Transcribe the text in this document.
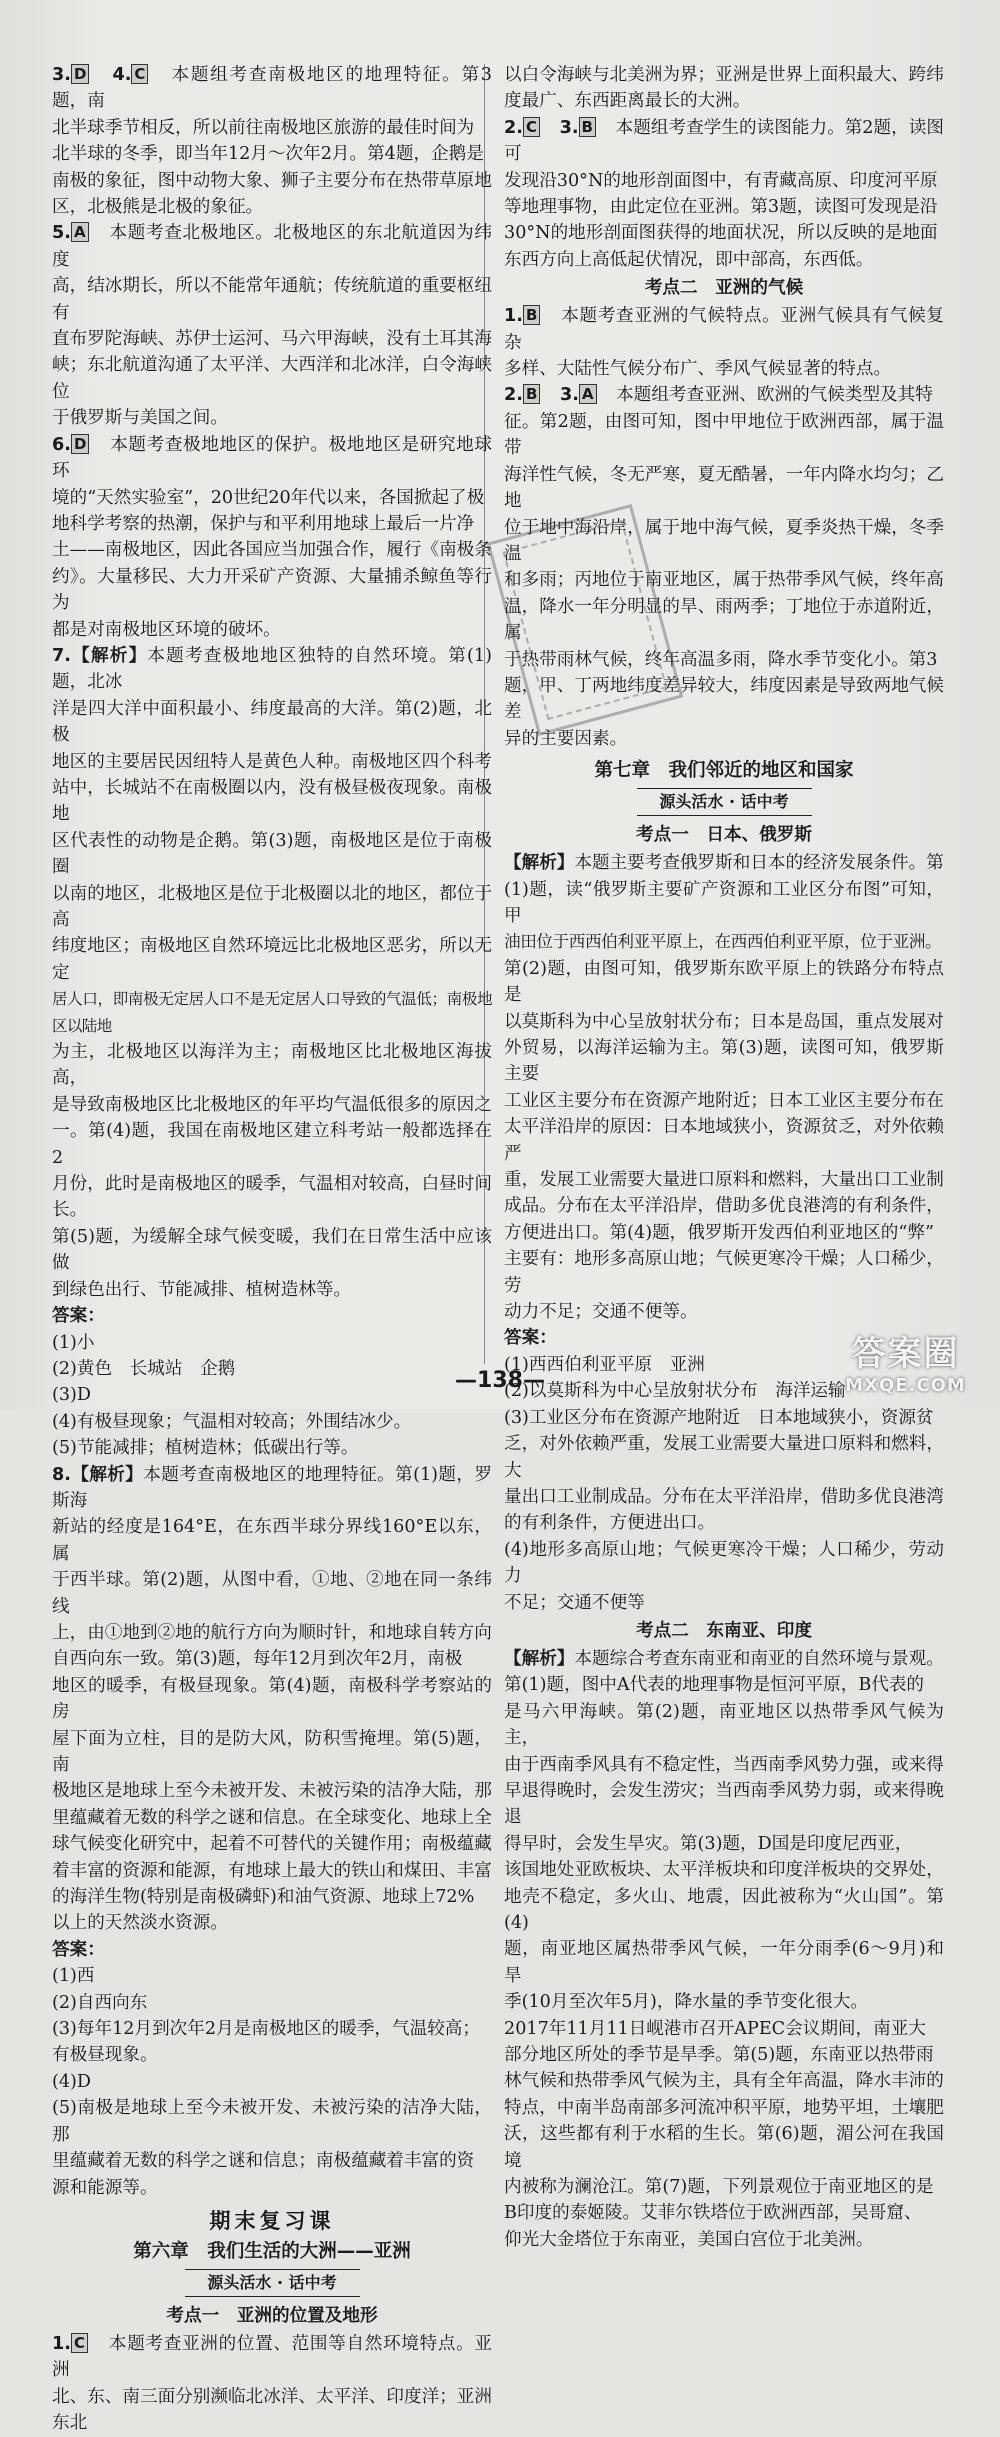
3. D　 4. C　 本题组考查南极地区的地理特征。第3题，南
北半球季节相反，所以前往南极地区旅游的最佳时间为
北半球的冬季，即当年12月～次年2月。第4题，企鹅是
南极的象征，图中动物大象、狮子主要分布在热带草原地
区，北极熊是北极的象征。
5. A　 本题考查北极地区。北极地区的东北航道因为纬度
高，结冰期长，所以不能常年通航；传统航道的重要枢纽有
直布罗陀海峡、苏伊士运河、马六甲海峡，没有土耳其海
峡；东北航道沟通了太平洋、大西洋和北冰洋，白令海峡位
于俄罗斯与美国之间。
6. D　 本题考查极地地区的保护。极地地区是研究地球环
境的“天然实验室”，20世纪20年代以来，各国掀起了极
地科学考察的热潮，保护与和平利用地球上最后一片净
土——南极地区，因此各国应当加强合作，履行《南极条
约》。大量移民、大力开采矿产资源、大量捕杀鲸鱼等行为
都是对南极地区环境的破坏。
7.【解析】本题考查极地地区独特的自然环境。第(1)题，北冰
洋是四大洋中面积最小、纬度最高的大洋。第(2)题，北极
地区的主要居民因纽特人是黄色人种。南极地区四个科考
站中，长城站不在南极圈以内，没有极昼极夜现象。南极地
区代表性的动物是企鹅。第(3)题，南极地区是位于南极圈
以南的地区，北极地区是位于北极圈以北的地区，都位于高
纬度地区；南极地区自然环境远比北极地区恶劣，所以无定
居人口，即南极无定居人口不是无定居人口导致的气温低；南极地区以陆地
为主，北极地区以海洋为主；南极地区比北极地区海拔高，
是导致南极地区比北极地区的年平均气温低很多的原因之
一。第(4)题，我国在南极地区建立科考站一般都选择在2
月份，此时是南极地区的暖季，气温相对较高，白昼时间长。
第(5)题，为缓解全球气候变暖，我们在日常生活中应该做
到绿色出行、节能减排、植树造林等。
答案：
(1)小
(2)黄色　长城站　企鹅
(3)D
(4)有极昼现象；气温相对较高；外围结冰少。
(5)节能减排；植树造林；低碳出行等。
8.【解析】本题考查南极地区的地理特征。第(1)题，罗斯海
新站的经度是164°E，在东西半球分界线160°E以东，属
于西半球。第(2)题，从图中看，①地、②地在同一条纬线
上，由①地到②地的航行方向为顺时针，和地球自转方向
自西向东一致。第(3)题，每年12月到次年2月，南极
地区的暖季，有极昼现象。第(4)题，南极科学考察站的房
屋下面为立柱，目的是防大风，防积雪掩埋。第(5)题，南
极地区是地球上至今未被开发、未被污染的洁净大陆，那
里蕴藏着无数的科学之谜和信息。在全球变化、地球上全
球气候变化研究中，起着不可替代的关键作用；南极蕴藏
着丰富的资源和能源，有地球上最大的铁山和煤田、丰富
的海洋生物(特别是南极磷虾)和油气资源、地球上72%
以上的天然淡水资源。
答案：
(1)西
(2)自西向东
(3)每年12月到次年2月是南极地区的暖季，气温较高；
有极昼现象。
(4)D
(5)南极是地球上至今未被开发、未被污染的洁净大陆，那
里蕴藏着无数的科学之谜和信息；南极蕴藏着丰富的资
源和能源等。
期末复习课
第六章　我们生活的大洲——亚洲
源头活水 · 话中考
考点一　亚洲的位置及地形
1. C　 本题考查亚洲的位置、范围等自然环境特点。亚洲
北、东、南三面分别濒临北冰洋、太平洋、印度洋；亚洲东北
以白令海峡与北美洲为界；亚洲是世界上面积最大、跨纬
度最广、东西距离最长的大洲。
2. C　 3. B　 本题组考查学生的读图能力。第2题，读图可
发现沿30°N的地形剖面图中，有青藏高原、印度河平原
等地理事物，由此定位在亚洲。第3题，读图可发现是沿
30°N的地形剖面图获得的地面状况，所以反映的是地面
东西方向上高低起伏情况，即中部高，东西低。
考点二　亚洲的气候
1. B　 本题考查亚洲的气候特点。亚洲气候具有气候复杂
多样、大陆性气候分布广、季风气候显著的特点。
2. B　 3. A　 本题组考查亚洲、欧洲的气候类型及其特
征。第2题，由图可知，图中甲地位于欧洲西部，属于温带
海洋性气候，冬无严寒，夏无酷暑，一年内降水均匀；乙地
位于地中海沿岸，属于地中海气候，夏季炎热干燥，冬季温
和多雨；丙地位于南亚地区，属于热带季风气候，终年高
温，降水一年分明显的旱、雨两季；丁地位于赤道附近，属
于热带雨林气候，终年高温多雨，降水季节变化小。第3
题，甲、丁两地纬度差异较大，纬度因素是导致两地气候差
异的主要因素。
第七章　我们邻近的地区和国家
源头活水 · 话中考
考点一　日本、俄罗斯
【解析】本题主要考查俄罗斯和日本的经济发展条件。第
(1)题，读“俄罗斯主要矿产资源和工业区分布图”可知，甲
油田位于西西伯利亚平原上，在西西伯利亚平原，位于亚洲。
第(2)题，由图可知，俄罗斯东欧平原上的铁路分布特点是
以莫斯科为中心呈放射状分布；日本是岛国，重点发展对
外贸易，以海洋运输为主。第(3)题，读图可知，俄罗斯主要
工业区主要分布在资源产地附近；日本工业区主要分布在
太平洋沿岸的原因：日本地域狭小，资源贫乏，对外依赖严
重，发展工业需要大量进口原料和燃料，大量出口工业制
成品。分布在太平洋沿岸，借助多优良港湾的有利条件，
方便进出口。第(4)题，俄罗斯开发西伯利亚地区的“弊”
主要有：地形多高原山地；气候更寒冷干燥；人口稀少，劳
动力不足；交通不便等。
答案：
(1)西西伯利亚平原　亚洲
(2)以莫斯科为中心呈放射状分布　海洋运输
(3)工业区分布在资源产地附近　日本地域狭小，资源贫
乏，对外依赖严重，发展工业需要大量进口原料和燃料，大
量出口工业制成品。分布在太平洋沿岸，借助多优良港湾
的有利条件，方便进出口。
(4)地形多高原山地；气候更寒冷干燥；人口稀少，劳动力
不足；交通不便等
考点二　东南亚、印度
【解析】本题综合考查东南亚和南亚的自然环境与景观。
第(1)题，图中A代表的地理事物是恒河平原，B代表的
是马六甲海峡。第(2)题，南亚地区以热带季风气候为主，
由于西南季风具有不稳定性，当西南季风势力强，或来得
早退得晚时，会发生涝灾；当西南季风势力弱，或来得晚退
得早时，会发生旱灾。第(3)题，D国是印度尼西亚，
该国地处亚欧板块、太平洋板块和印度洋板块的交界处，
地壳不稳定，多火山、地震，因此被称为“火山国”。第(4)
题，南亚地区属热带季风气候，一年分雨季(6～9月)和旱
季(10月至次年5月)，降水量的季节变化很大。
2017年11月11日岘港市召开APEC会议期间，南亚大
部分地区所处的季节是旱季。第(5)题，东南亚以热带雨
林气候和热带季风气候为主，具有全年高温，降水丰沛的
特点，中南半岛南部多河流冲积平原，地势平坦，土壤肥
沃，这些都有利于水稻的生长。第(6)题，湄公河在我国境
内被称为澜沧江。第(7)题，下列景观位于南亚地区的是
B印度的泰姬陵。艾菲尔铁塔位于欧洲西部，吴哥窟、
仰光大金塔位于东南亚，美国白宫位于北美洲。
—138—
答案圈
MXQE.COM
